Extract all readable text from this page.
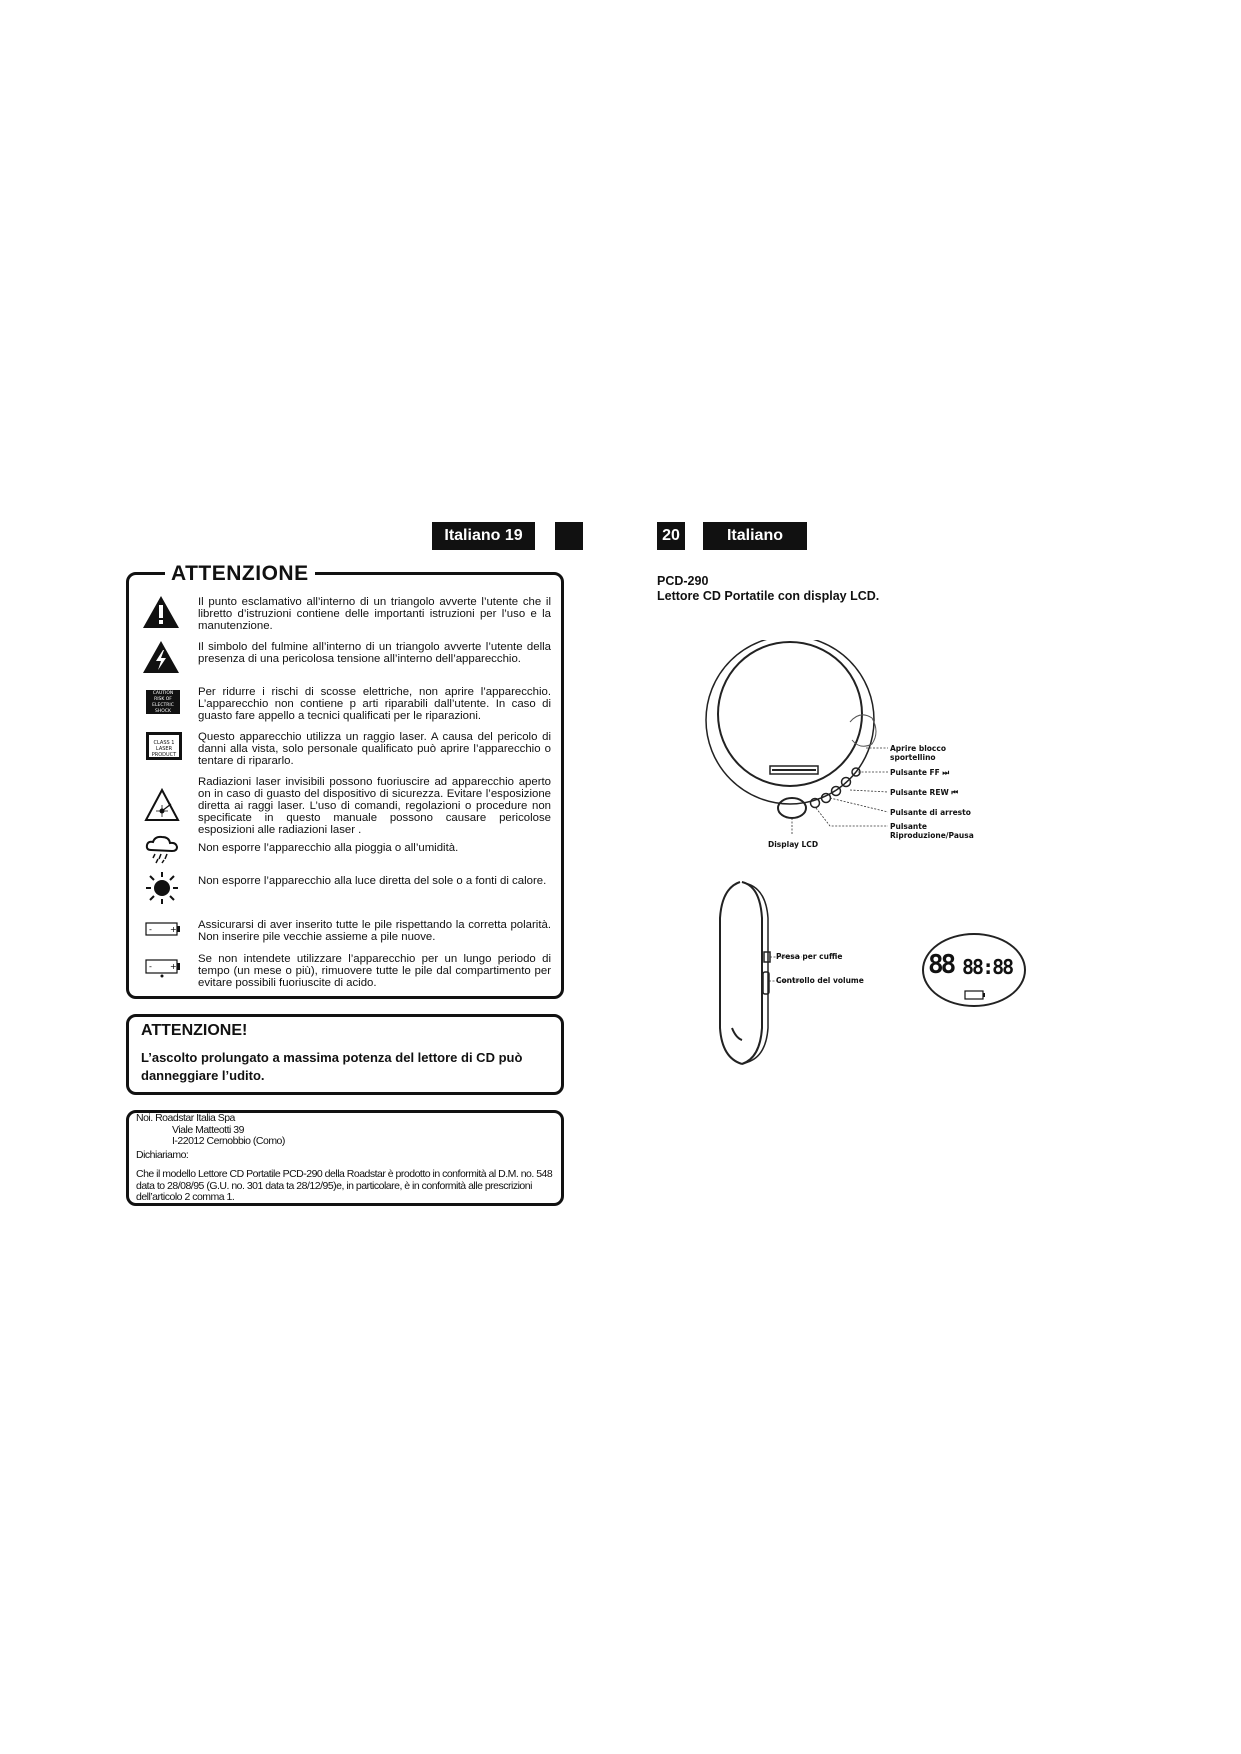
Italiano 19	20	Italiano
ATTENZIONE
Il punto esclamativo all’interno di un triangolo avverte l’utente che il libretto d’istruzioni contiene delle importanti istruzioni per l’uso e la manutenzione.
Il simbolo del fulmine all’interno di un triangolo avverte l’utente della presenza di una pericolosa tensione all’interno dell’apparecchio.
CAUTION
RISK OF ELECTRIC SHOCK
DO NOT OPEN
Per ridurre i rischi di scosse elettriche, non aprire l’apparecchio. L’apparecchio non contiene p arti riparabili dall’utente. In caso di guasto fare appello a tecnici qualificati per le riparazioni.
CLASS 1
LASER PRODUCT
Questo apparecchio utilizza un raggio laser. A causa del pericolo di danni alla vista, solo personale qualificato può aprire l’apparecchio o tentare di ripararlo.
Radiazioni laser invisibili possono fuoriuscire ad apparecchio aperto on in caso di guasto del dispositivo di sicurezza. Evitare l’esposizione diretta ai raggi laser. L’uso di comandi, regolazioni o procedure non specificate in questo manuale possono causare pericolose esposizioni alle radiazioni laser .
Non esporre l’apparecchio alla pioggia o all’umidità.
Non esporre l’apparecchio alla luce diretta del sole o a fonti di calore.
- + Assicurarsi di aver inserito tutte le pile rispettando la corretta polarità. Non inserire pile vecchie assieme a pile nuove.
- +
Se non intendete utilizzare l’apparecchio per un lungo periodo di tempo (un mese o più), rimuovere tutte le pile dal compartimento per evitare possibili fuoriuscite di acido.
ATTENZIONE!
L’ascolto prolungato a massima potenza del lettore di CD può danneggiare l’udito.
Noi. Roadstar Italia Spa
Viale Matteotti 39
I-22012 Cernobbio (Como)
Dichiariamo:
Che il modello Lettore CD Portatile PCD-290 della Roadstar è prodotto in conformità al D.M. no. 548 data to 28/08/95 (G.U. no. 301 data ta 28/12/95)e, in particolare, è in conformità alle prescrizioni dell’articolo 2 comma 1.
PCD-290
Lettore CD Portatile con display LCD.
Aprire blocco sportellino
Pulsante FF ⏭
Pulsante REW ⏮
Pulsante di arresto
Pulsante Riproduzione/Pausa
Display LCD
Presa per cuffie
Controllo del volume
88 88:88
